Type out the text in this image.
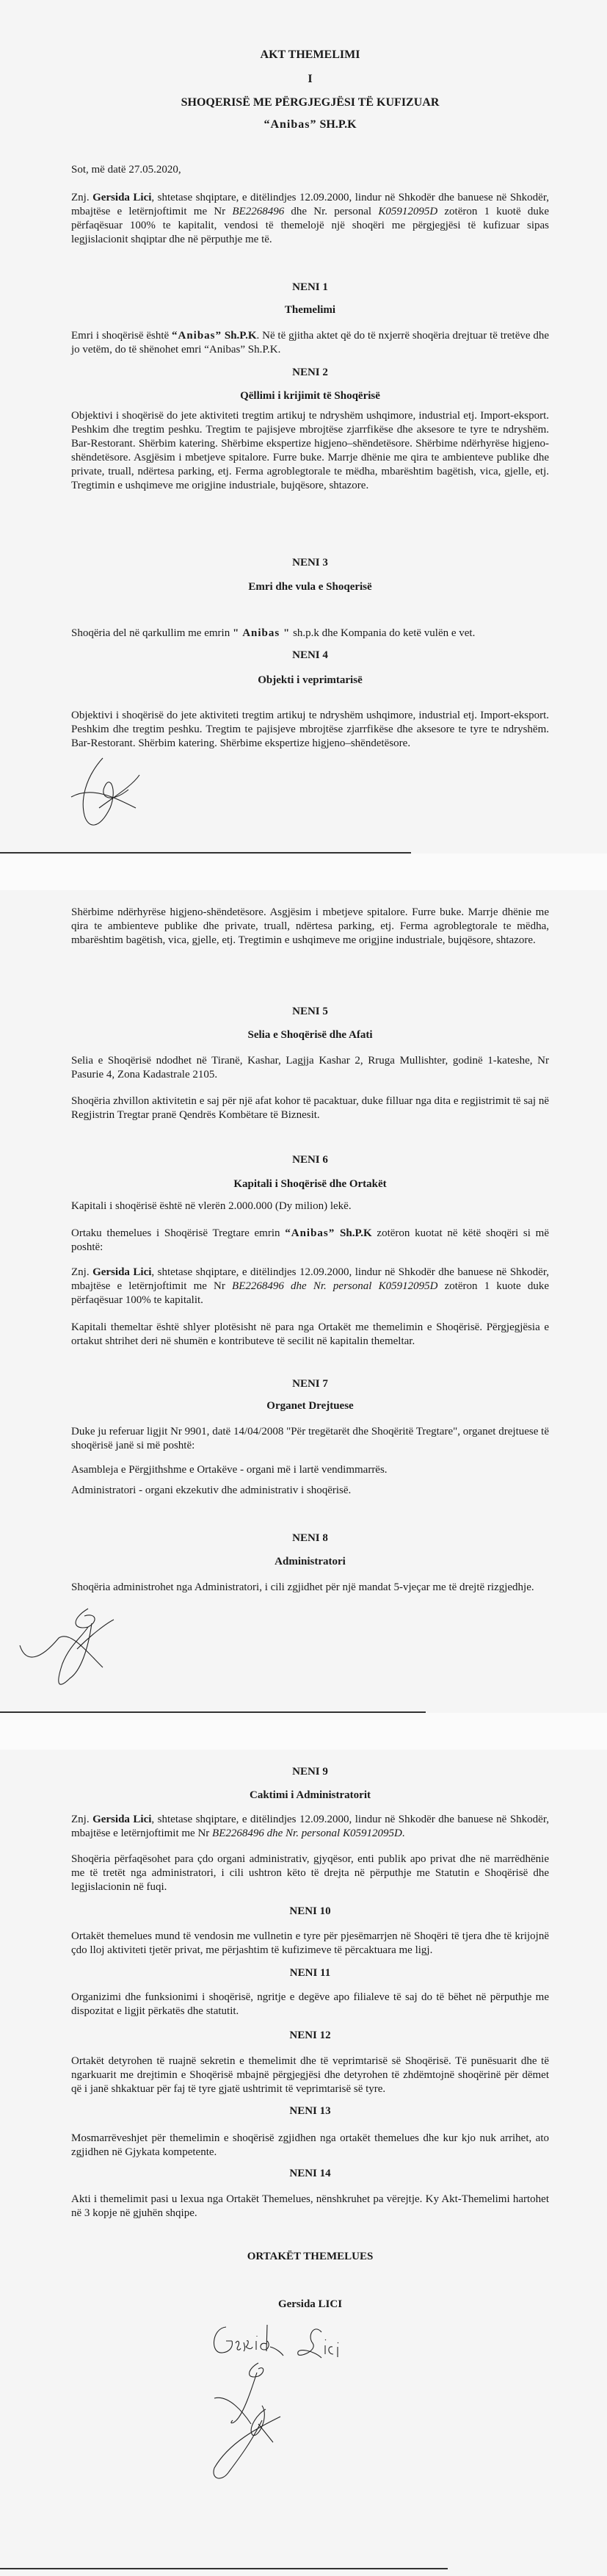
AKT THEMELIMI
I
SHOQERISË ME PËRGJEGJËSI TË KUFIZUAR
“Anibas” SH.P.K
Sot, më datë 27.05.2020,
Znj. Gersida Lici, shtetase shqiptare, e ditëlindjes 12.09.2000, lindur në Shkodër dhe banuese në Shkodër, mbajtëse e letërnjoftimit me Nr BE2268496 dhe Nr. personal K05912095D zotëron 1 kuotë duke përfaqësuar 100% te kapitalit, vendosi të themelojë një shoqëri me përgjegjësi të kufizuar sipas legjislacionit shqiptar dhe në përputhje me të.
NENI 1
Themelimi
Emri i shoqërisë është “Anibas” Sh.P.K. Në të gjitha aktet që do të nxjerrë shoqëria drejtuar të tretëve dhe jo vetëm, do të shënohet emri “Anibas” Sh.P.K.
NENI 2
Qëllimi i krijimit të Shoqërisë
Objektivi i shoqërisë do jete aktiviteti tregtim artikuj te ndryshëm ushqimore, industrial etj. Import-eksport. Peshkim dhe tregtim peshku. Tregtim te pajisjeve mbrojtëse zjarrfikëse dhe aksesore te tyre te ndryshëm. Bar-Restorant. Shërbim katering. Shërbime ekspertize higjeno–shëndetësore. Shërbime ndërhyrëse higjeno-shëndetësore. Asgjësim i mbetjeve spitalore. Furre buke. Marrje dhënie me qira te ambienteve publike dhe private, truall, ndërtesa parking, etj. Ferma agroblegtorale te mëdha, mbarështim bagëtish, vica, gjelle, etj. Tregtimin e ushqimeve me origjine industriale, bujqësore, shtazore.
NENI 3
Emri dhe vula e Shoqerisë
Shoqëria del në qarkullim me emrin " Anibas " sh.p.k dhe Kompania do ketë vulën e vet.
NENI 4
Objekti i veprimtarisë
Objektivi i shoqërisë do jete aktiviteti tregtim artikuj te ndryshëm ushqimore, industrial etj. Import-eksport. Peshkim dhe tregtim peshku. Tregtim te pajisjeve mbrojtëse zjarrfikëse dhe aksesore te tyre te ndryshëm. Bar-Restorant. Shërbim katering. Shërbime ekspertize higjeno–shëndetësore.
Shërbime ndërhyrëse higjeno-shëndetësore. Asgjësim i mbetjeve spitalore. Furre buke. Marrje dhënie me qira te ambienteve publike dhe private, truall, ndërtesa parking, etj. Ferma agroblegtorale te mëdha, mbarështim bagëtish, vica, gjelle, etj. Tregtimin e ushqimeve me origjine industriale, bujqësore, shtazore.
NENI 5
Selia e Shoqërisë dhe Afati
Selia e Shoqërisë ndodhet në Tiranë, Kashar, Lagjja Kashar 2, Rruga Mullishter, godinë 1-kateshe, Nr Pasurie 4, Zona Kadastrale 2105.
Shoqëria zhvillon aktivitetin e saj për një afat kohor të pacaktuar, duke filluar nga dita e regjistrimit të saj në Regjistrin Tregtar pranë Qendrës Kombëtare të Biznesit.
NENI 6
Kapitali i Shoqërisë dhe Ortakët
Kapitali i shoqërisë është në vlerën 2.000.000 (Dy milion) lekë.
Ortaku themelues i Shoqërisë Tregtare emrin “Anibas” Sh.P.K zotëron kuotat në këtë shoqëri si më poshtë:
Znj. Gersida Lici, shtetase shqiptare, e ditëlindjes 12.09.2000, lindur në Shkodër dhe banuese në Shkodër, mbajtëse e letërnjoftimit me Nr BE2268496 dhe Nr. personal K05912095D zotëron 1 kuote duke përfaqësuar 100% te kapitalit.
Kapitali themeltar është shlyer plotësisht në para nga Ortakët me themelimin e Shoqërisë. Përgjegjësia e ortakut shtrihet deri në shumën e kontributeve të secilit në kapitalin themeltar.
NENI 7
Organet Drejtuese
Duke ju referuar ligjit Nr 9901, datë 14/04/2008 "Për tregëtarët dhe Shoqëritë Tregtare", organet drejtuese të shoqërisë janë si më poshtë:
Asambleja e Përgjithshme e Ortakëve - organi më i lartë vendimmarrës.
Administratori - organi ekzekutiv dhe administrativ i shoqërisë.
NENI 8
Administratori
Shoqëria administrohet nga Administratori, i cili zgjidhet për një mandat 5-vjeçar me të drejtë rizgjedhje.
NENI 9
Caktimi i Administratorit
Znj. Gersida Lici, shtetase shqiptare, e ditëlindjes 12.09.2000, lindur në Shkodër dhe banuese në Shkodër, mbajtëse e letërnjoftimit me Nr BE2268496 dhe Nr. personal K05912095D.
Shoqëria përfaqësohet para çdo organi administrativ, gjyqësor, enti publik apo privat dhe në marrëdhënie me të tretët nga administratori, i cili ushtron këto të drejta në përputhje me Statutin e Shoqërisë dhe legjislacionin në fuqi.
NENI 10
Ortakët themelues mund të vendosin me vullnetin e tyre për pjesëmarrjen në Shoqëri të tjera dhe të krijojnë çdo lloj aktiviteti tjetër privat, me përjashtim të kufizimeve të përcaktuara me ligj.
NENI 11
Organizimi dhe funksionimi i shoqërisë, ngritje e degëve apo filialeve të saj do të bëhet në përputhje me dispozitat e ligjit përkatës dhe statutit.
NENI 12
Ortakët detyrohen të ruajnë sekretin e themelimit dhe të veprimtarisë së Shoqërisë. Të punësuarit dhe të ngarkuarit me drejtimin e Shoqërisë mbajnë përgjegjësi dhe detyrohen të zhdëmtojnë shoqërinë për dëmet që i janë shkaktuar për faj të tyre gjatë ushtrimit të veprimtarisë së tyre.
NENI 13
Mosmarrëveshjet për themelimin e shoqërisë zgjidhen nga ortakët themelues dhe kur kjo nuk arrihet, ato zgjidhen në Gjykata kompetente.
NENI 14
Akti i themelimit pasi u lexua nga Ortakët Themelues, nënshkruhet pa vërejtje. Ky Akt-Themelimi hartohet në 3 kopje në gjuhën shqipe.
ORTAKËT THEMELUES
Gersida LICI
